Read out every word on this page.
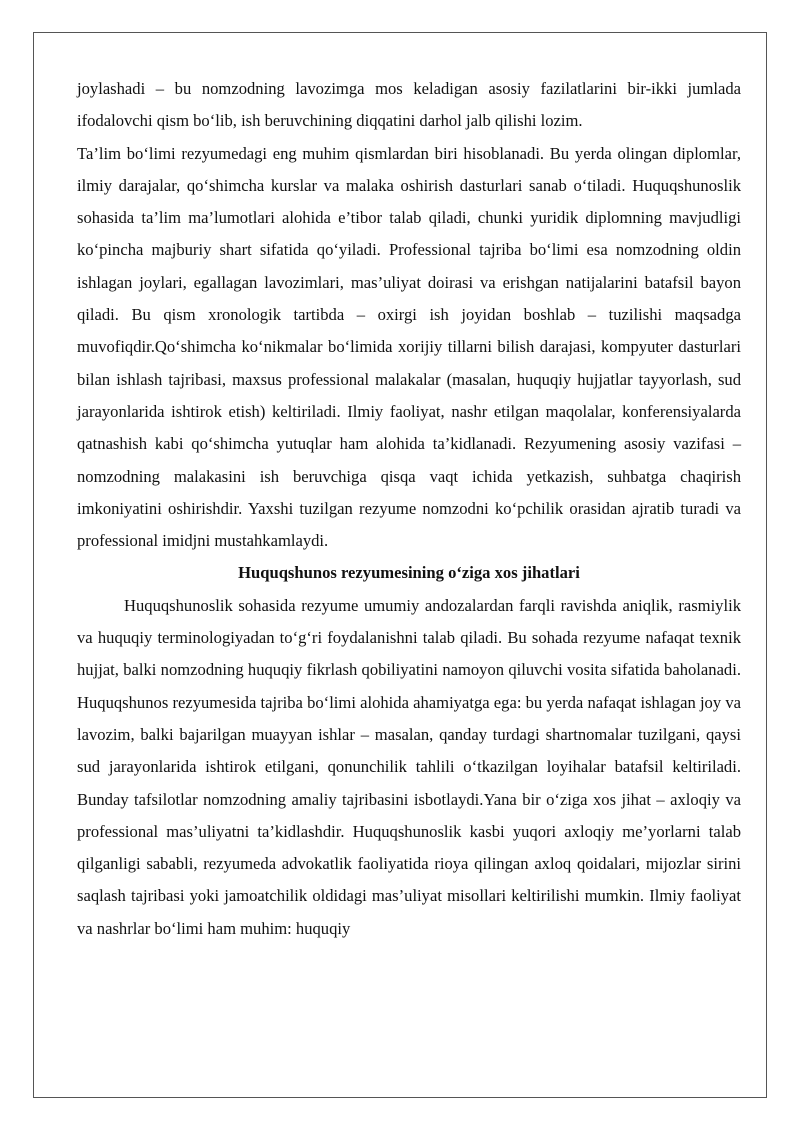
joylashadi – bu nomzodning lavozimga mos keladigan asosiy fazilatlarini bir-ikki jumlada ifodalovchi qism bo‘lib, ish beruvchining diqqatini darhol jalb qilishi lozim.

Ta’lim bo‘limi rezyumedagi eng muhim qismlardan biri hisoblanadi. Bu yerda olingan diplomlar, ilmiy darajalar, qo‘shimcha kurslar va malaka oshirish dasturlari sanab o‘tiladi. Huquqshunoslik sohasida ta’lim ma’lumotlari alohida e’tibor talab qiladi, chunki yuridik diplomning mavjudligi ko‘pincha majburiy shart sifatida qo‘yiladi. Professional tajriba bo‘limi esa nomzodning oldin ishlagan joylari, egallagan lavozimlari, mas’uliyat doirasi va erishgan natijalarini batafsil bayon qiladi. Bu qism xronologik tartibda – oxirgi ish joyidan boshlab – tuzilishi maqsadga muvofiqdir.Qo‘shimcha ko‘nikmalar bo‘limida xorijiy tillarni bilish darajasi, kompyuter dasturlari bilan ishlash tajribasi, maxsus professional malakalar (masalan, huquqiy hujjatlar tayyorlash, sud jarayonlarida ishtirok etish) keltiriladi. Ilmiy faoliyat, nashr etilgan maqolalar, konferensiyalarda qatnashish kabi qo‘shimcha yutuqlar ham alohida ta’kidlanadi. Rezyumening asosiy vazifasi – nomzodning malakasini ish beruvchiga qisqa vaqt ichida yetkazish, suhbatga chaqirish imkoniyatini oshirishdir. Yaxshi tuzilgan rezyume nomzodni ko‘pchilik orasidan ajratib turadi va professional imidjni mustahkamlaydi.

Huquqshunos rezyumesining o‘ziga xos jihatlari

Huquqshunoslik sohasida rezyume umumiy andozalardan farqli ravishda aniqlik, rasmiylik va huquqiy terminologiyadan to‘g‘ri foydalanishni talab qiladi. Bu sohada rezyume nafaqat texnik hujjat, balki nomzodning huquqiy fikrlash qobiliyatini namoyon qiluvchi vosita sifatida baholanadi. Huquqshunos rezyumesida tajriba bo‘limi alohida ahamiyatga ega: bu yerda nafaqat ishlagan joy va lavozim, balki bajarilgan muayyan ishlar – masalan, qanday turdagi shartnomalar tuzilgani, qaysi sud jarayonlarida ishtirok etilgani, qonunchilik tahlili o‘tkazilgan loyihalar batafsil keltiriladi. Bunday tafsilotlar nomzodning amaliy tajribasini isbotlaydi.Yana bir o‘ziga xos jihat – axloqiy va professional mas’uliyatni ta’kidlashdir. Huquqshunoslik kasbi yuqori axloqiy me’yorlarni talab qilganligi sababli, rezyumeda advokatlik faoliyatida rioya qilingan axloq qoidalari, mijozlar sirini saqlash tajribasi yoki jamoatchilik oldidagi mas’uliyat misollari keltirilishi mumkin. Ilmiy faoliyat va nashrlar bo‘limi ham muhim: huquqiy
